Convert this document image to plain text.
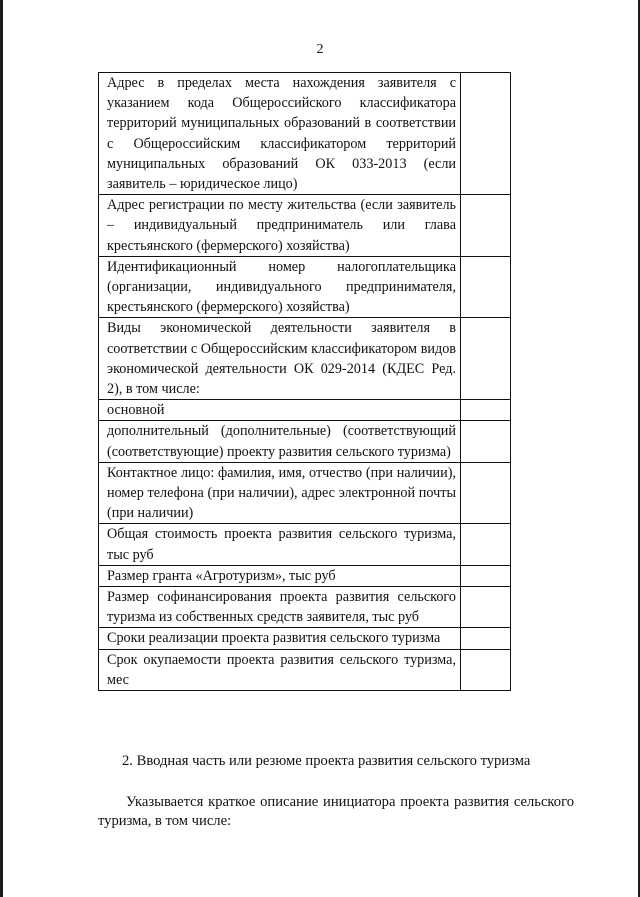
2
Адрес в пределах места нахождения заявителя с указанием кода Общероссийского классификатора территорий муниципальных образований в соответствии с Общероссийским классификатором территорий муниципальных образований ОК 033-2013 (если заявитель – юридическое лицо)	
Адрес регистрации по месту жительства (если заявитель – индивидуальный предприниматель или глава крестьянского (фермерского) хозяйства)	
Идентификационный номер налогоплательщика (организации, индивидуального предпринимателя, крестьянского (фермерского) хозяйства)	
Виды экономической деятельности заявителя в соответствии с Общероссийским классификатором видов экономической деятельности ОК 029-2014 (КДЕС Ред. 2), в том числе:	
основной	
дополнительный (дополнительные) (соответствующий (соответствующие) проекту развития сельского туризма)	
Контактное лицо: фамилия, имя, отчество (при наличии), номер телефона (при наличии), адрес электронной почты (при наличии)	
Общая стоимость проекта развития сельского туризма, тыс руб	
Размер гранта «Агротуризм», тыс руб	
Размер софинансирования проекта развития сельского туризма из собственных средств заявителя, тыс руб	
Сроки реализации проекта развития сельского туризма	
Срок окупаемости проекта развития сельского туризма, мес	
2. Вводная часть или резюме проекта развития сельского туризма
Указывается краткое описание инициатора проекта развития сельского туризма, в том числе:
